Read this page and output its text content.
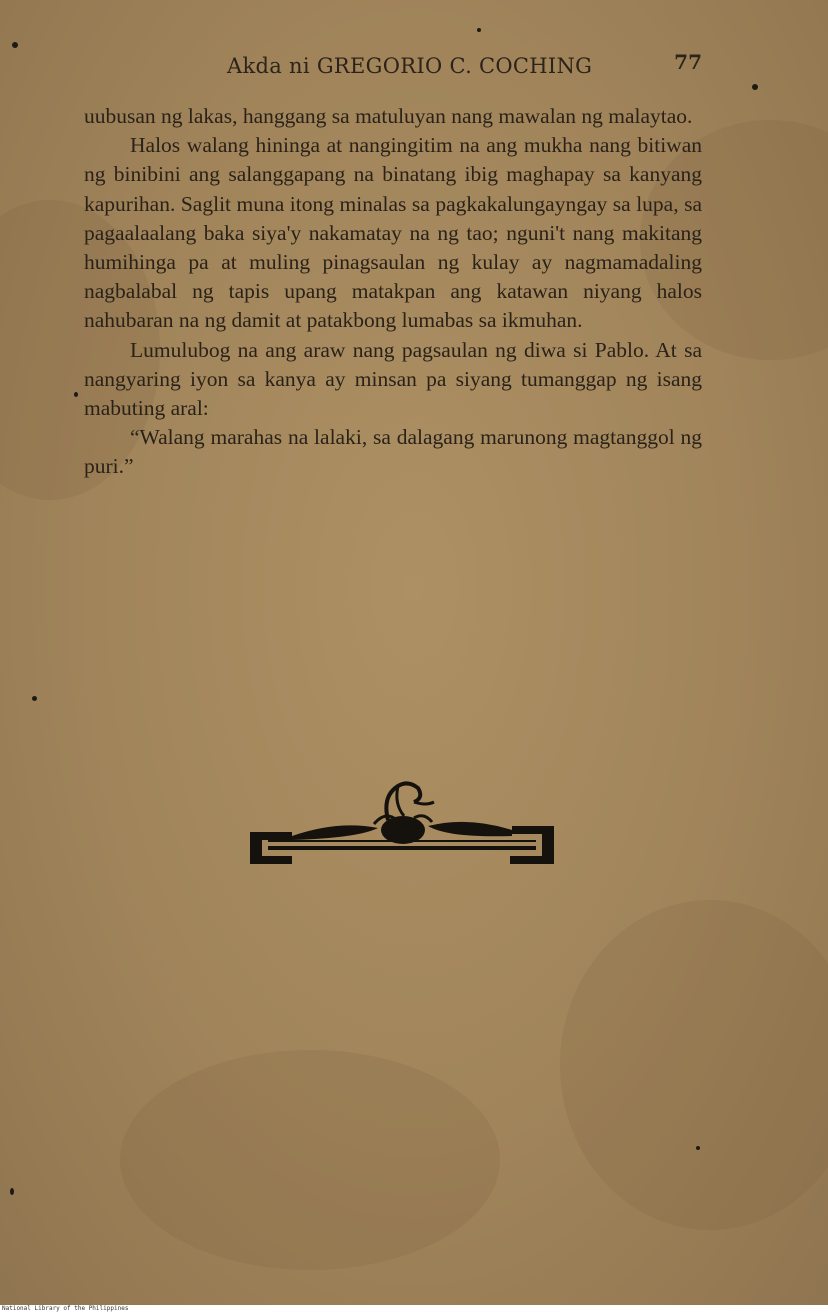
Akda ni GREGORIO C. COCHING	77

uubusan ng lakas, hanggang sa matuluyan nang mawalan ng malaytao.

Halos walang hininga at nangingitim na ang mukha nang bitiwan ng binibini ang salanggapang na binatang ibig maghapay sa kanyang kapurihan. Saglit muna itong minalas sa pagkakalungayngay sa lupa, sa pagaalaalang baka siya'y nakamatay na ng tao; nguni't nang makitang humihinga pa at muling pinagsaulan ng kulay ay nagmamadaling nagbalabal ng tapis upang matakpan ang katawan niyang halos nahubaran na ng damit at patakbong lumabas sa ikmuhan.

Lumulubog na ang araw nang pagsaulan ng diwa si Pablo. At sa nangyaring iyon sa kanya ay minsan pa siyang tumanggap ng isang mabuting aral:

“Walang marahas na lalaki, sa dalagang marunong magtanggol ng puri.”

National Library of the Philippines
